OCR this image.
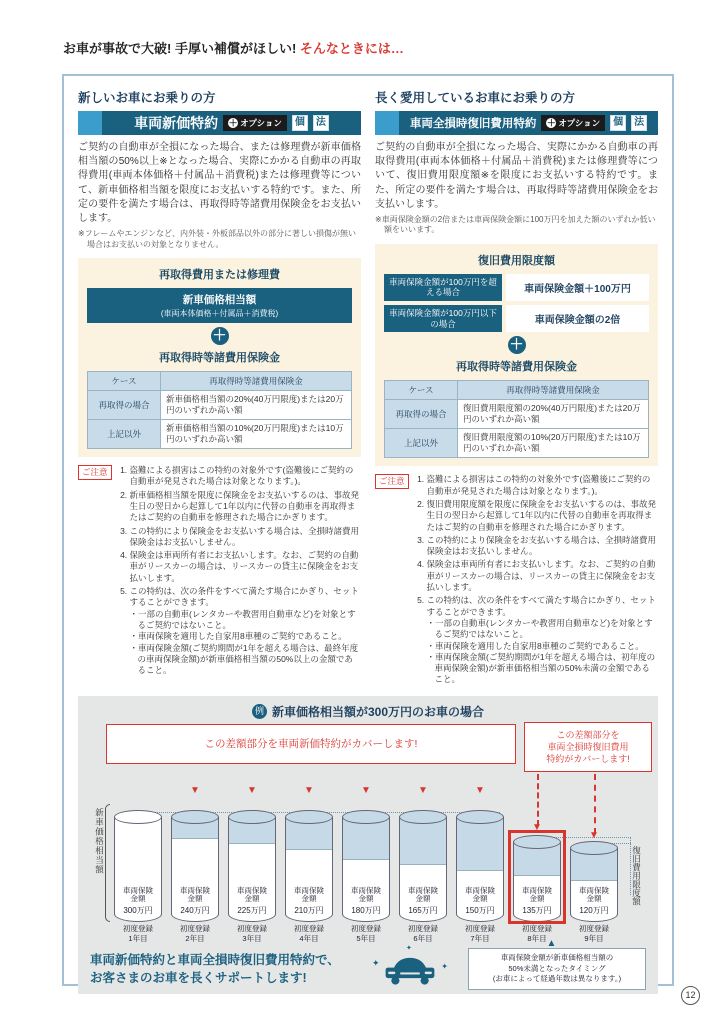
お車が事故で大破! 手厚い補償がほしい! そんなときには…
新しいお車にお乗りの方
車両新価特約 ＋ オプション	個	法
ご契約の自動車が全損になった場合、または修理費が新車価格相当額の50%以上※となった場合、実際にかかる自動車の再取得費用(車両本体価格＋付属品＋消費税)または修理費等について、新車価格相当額を限度にお支払いする特約です。また、所定の要件を満たす場合は、再取得時等諸費用保険金をお支払いします。
※フレームやエンジンなど、内外装・外板部品以外の部分に著しい損傷が無い場合はお支払いの対象となりません。
再取得費用または修理費
新車価格相当額
(車両本体価格＋付属品＋消費税)
＋
再取得時等諸費用保険金
ケース	再取得時等諸費用保険金
再取得の場合	新車価格相当額の20%(40万円限度)または20万円のいずれか高い額
上記以外	新車価格相当額の10%(20万円限度)または10万円のいずれか高い額
ご注意	1. 盗難による損害はこの特約の対象外です(盗難後にご契約の自動車が発見された場合は対象となります。)。
2. 新車価格相当額を限度に保険金をお支払いするのは、事故発生日の翌日から起算して1年以内に代替の自動車を再取得またはご契約の自動車を修理された場合にかぎります。
3. この特約により保険金をお支払いする場合は、全損時諸費用保険金はお支払いしません。
4. 保険金は車両所有者にお支払いします。なお、ご契約の自動車がリースカーの場合は、リースカーの貸主に保険金をお支払いします。
5. この特約は、次の条件をすべて満たす場合にかぎり、セットすることができます。
・一部の自動車(レンタカーや教習用自動車など)を対象とするご契約ではないこと。
・車両保険を適用した自家用8車種のご契約であること。
・車両保険金額(ご契約期間が1年を超える場合は、最終年度の車両保険金額)が新車価格相当額の50%以上の金額であること。
長く愛用しているお車にお乗りの方
車両全損時復旧費用特約 ＋ オプション	個	法
ご契約の自動車が全損になった場合、実際にかかる自動車の再取得費用(車両本体価格＋付属品＋消費税)または修理費等について、復旧費用限度額※を限度にお支払いする特約です。また、所定の要件を満たす場合は、再取得時等諸費用保険金をお支払いします。
※車両保険金額の2倍または車両保険金額に100万円を加えた額のいずれか低い額をいいます。
復旧費用限度額
車両保険金額が100万円を超える場合	車両保険金額＋100万円
車両保険金額が100万円以下の場合	車両保険金額の2倍
＋
再取得時等諸費用保険金
ケース	再取得時等諸費用保険金
再取得の場合	復旧費用限度額の20%(40万円限度)または20万円のいずれか高い額
上記以外	復旧費用限度額の10%(20万円限度)または10万円のいずれか高い額
ご注意	1. 盗難による損害はこの特約の対象外です(盗難後にご契約の自動車が発見された場合は対象となります。)。
2. 復旧費用限度額を限度に保険金をお支払いするのは、事故発生日の翌日から起算して1年以内に代替の自動車を再取得またはご契約の自動車を修理された場合にかぎります。
3. この特約により保険金をお支払いする場合は、全損時諸費用保険金はお支払いしません。
4. 保険金は車両所有者にお支払いします。なお、ご契約の自動車がリースカーの場合は、リースカーの貸主に保険金をお支払いします。
5. この特約は、次の条件をすべて満たす場合にかぎり、セットすることができます。
・一部の自動車(レンタカーや教習用自動車など)を対象とするご契約ではないこと。
・車両保険を適用した自家用8車種のご契約であること。
・車両保険金額(ご契約期間が1年を超える場合は、初年度の車両保険金額)が新車価格相当額の50%未満の金額であること。
例 新車価格相当額が300万円のお車の場合
この差額部分を車両新価特約がカバーします!
この差額部分を
車両全損時復旧費用
特約がカバーします!
新車価格相当額
車両保険金額
300万円
初度登録
1年目
▼
車両保険金額
240万円
初度登録
2年目
▼
車両保険金額
225万円
初度登録
3年目
▼
車両保険金額
210万円
初度登録
4年目
▼
車両保険金額
180万円
初度登録
5年目
▼
車両保険金額
165万円
初度登録
6年目
▼
車両保険金額
150万円
初度登録
7年目
▼
車両保険金額
135万円
初度登録
8年目
▼
車両保険金額
120万円
初度登録
9年目
復旧費用限度額
車両新価特約と車両全損時復旧費用特約で、
お客さまのお車を長くサポートします!
✦	✦
✦	▲
車両保険金額が新車価格相当額の
50%未満となったタイミング
(お車によって経過年数は異なります。)
12
